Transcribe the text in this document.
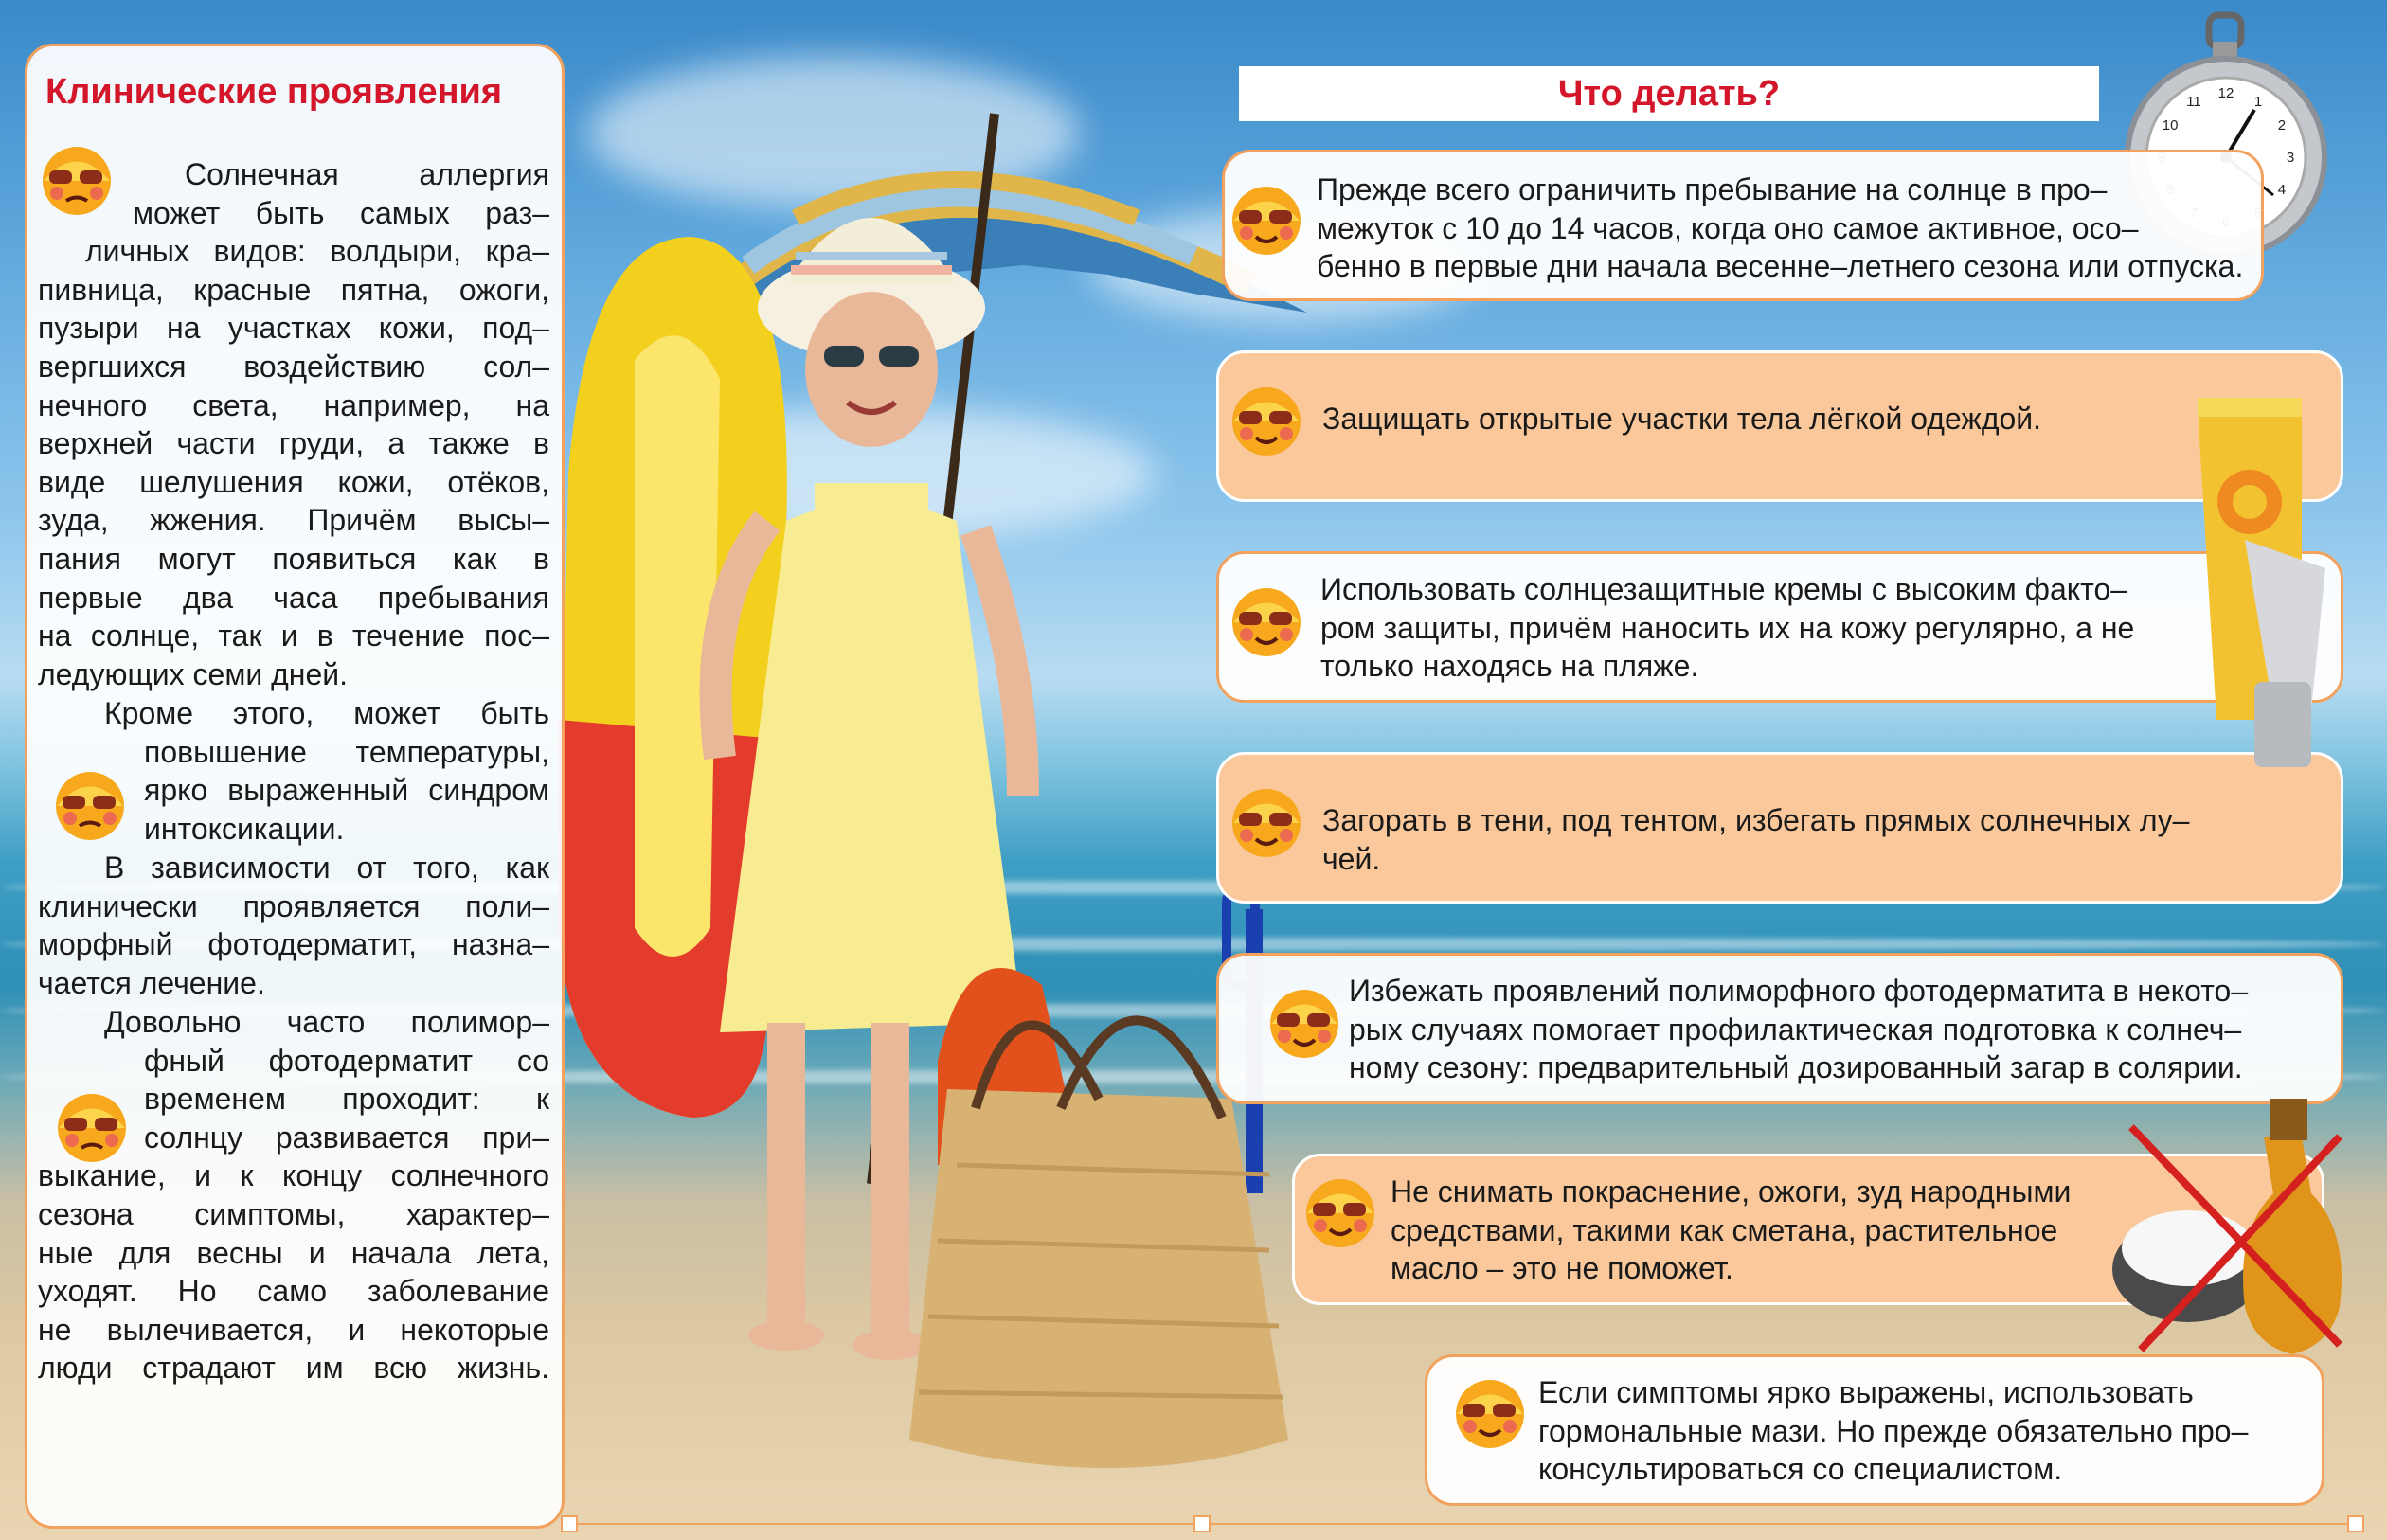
Клинические проявления
Солнечная аллергия
может быть самых раз–
личных видов: волдыри, кра–
пивница, красные пятна, ожоги,
пузыри на участках кожи, под–
вергшихся воздействию сол–
нечного света, например, на
верхней части груди, а также в
виде шелушения кожи, отёков,
зуда, жжения. Причём высы–
пания могут появиться как в
первые два часа пребывания
на солнце, так и в течение пос–
ледующих семи дней.
Кроме этого, может быть
повышение температуры,
ярко выраженный синдром
интоксикации.
В зависимости от того, как
клинически проявляется поли–
морфный фотодерматит, назна–
чается лечение.
Довольно часто полимор–
фный фотодерматит со
временем проходит: к
солнцу развивается при–
выкание, и к концу солнечного
сезона симптомы, характер–
ные для весны и начала лета,
уходят. Но само заболевание
не вылечивается, и некоторые
люди страдают им всю жизнь.
Что делать?	12
1
2
3
4
10
11
Прежде всего ограничить пребывание на солнце в про–
межуток с 10 до 14 часов, когда оно самое активное, осо–
бенно в первые дни начала весенне–летнего сезона или отпуска.
Защищать открытые участки тела лёгкой одеждой.
Использовать солнцезащитные кремы с высоким факто–
ром защиты, причём наносить их на кожу регулярно, а не
только находясь на пляже.
Загорать в тени, под тентом, избегать прямых солнечных лу–
чей.
Избежать проявлений полиморфного фотодерматита в некото–
рых случаях помогает профилактическая подготовка к солнеч–
ному сезону: предварительный дозированный загар в солярии.
Не снимать покраснение, ожоги, зуд народными
средствами, такими как сметана, растительное
масло – это не поможет.
Если симптомы ярко выражены, использовать
гормональные мази. Но прежде обязательно про–
консультироваться со специалистом.
